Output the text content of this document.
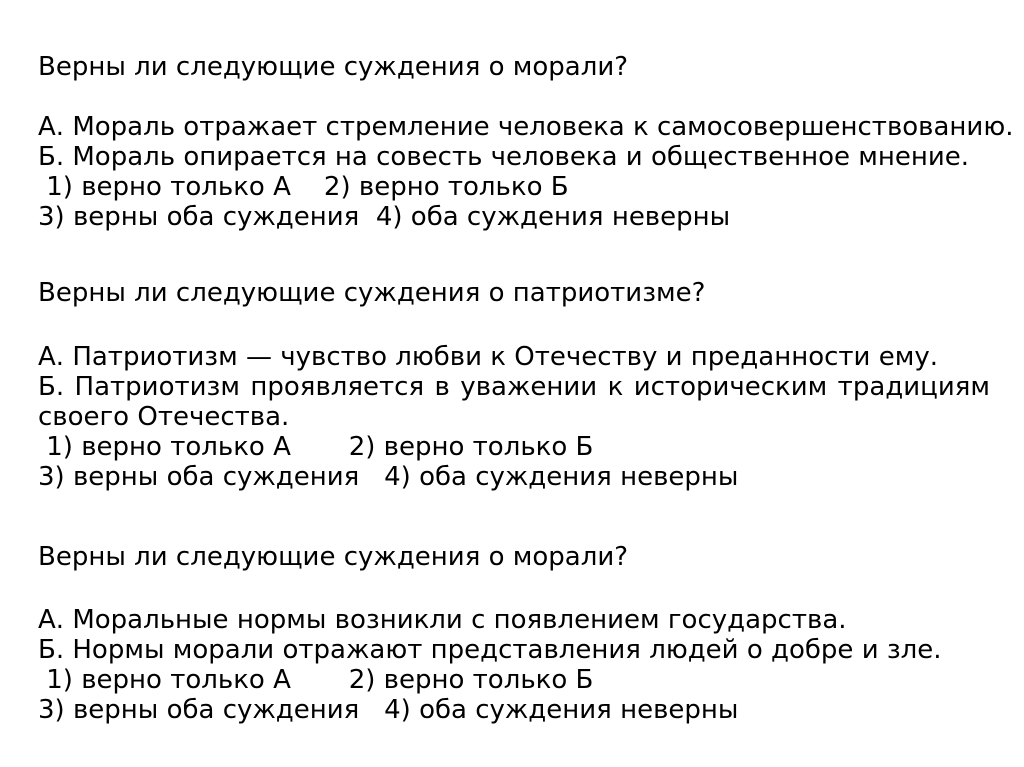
Верны ли следующие суждения о морали?
А. Мораль отражает стремление человека к самосовершенствованию.
Б. Мораль опирается на совесть человека и общественное мнение.
1) верно только А    2) верно только Б
3) верны оба суждения  4) оба суждения неверны
Верны ли следующие суждения о патриотизме?
А. Патриотизм — чувство любви к Отечеству и преданности ему.
Б. Патриотизм проявляется в уважении к историческим традициям
своего Отечества.
1) верно только А       2) верно только Б
3) верны оба суждения   4) оба суждения неверны
Верны ли следующие суждения о морали?
А. Моральные нормы возникли с появлением государства.
Б. Нормы морали отражают представления людей о добре и зле.
1) верно только А       2) верно только Б
3) верны оба суждения   4) оба суждения неверны
